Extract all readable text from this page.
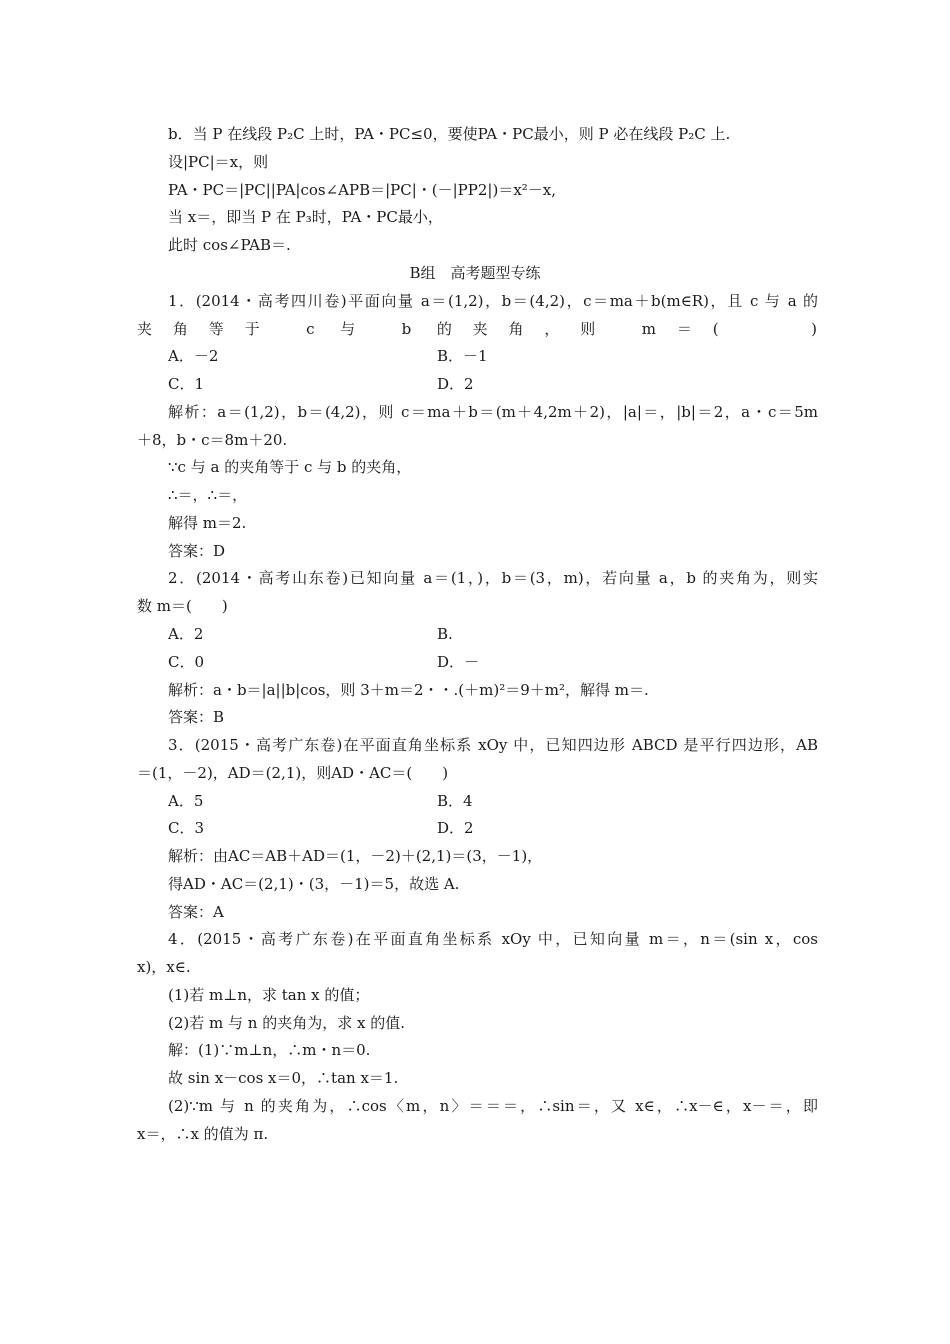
b．当 P 在线段 P₂C 上时，PA・PC≤0，要使PA・PC最小，则 P 必在线段 P₂C 上.
设|PC|＝x，则
PA・PC＝|PC||PA|cos∠APB＝|PC|・(－|PP2|)＝x²－x,
当 x＝，即当 P 在 P₃时，PA・PC最小，
此时 cos∠PAB＝.
B组　高考题型专练
1．(2014・高考四川卷)平面向量 a＝(1,2)，b＝(4,2)，c＝ma＋b(m∈R)，且 c 与 a 的
夹角等于 c 与 b 的夹角，则 m＝(　　)
A．－2	B．－1
C．1	D．2
解析：a＝(1,2)，b＝(4,2)，则 c＝ma＋b＝(m＋4,2m＋2)，|a|＝，|b|＝2，a・c＝5m
＋8，b・c＝8m＋20.
∵c 与 a 的夹角等于 c 与 b 的夹角，
∴＝，∴＝，
解得 m＝2.
答案：D
2．(2014・高考山东卷)已知向量 a＝(1，)，b＝(3，m)，若向量 a，b 的夹角为，则实
数 m＝(　　)
A．2	B.
C．0	D．－
解析：a・b＝|a||b|cos，则 3＋m＝2・・.(＋m)²＝9＋m²，解得 m＝.
答案：B
3．(2015・高考广东卷)在平面直角坐标系 xOy 中，已知四边形 ABCD 是平行四边形，AB
＝(1，－2)，AD＝(2,1)，则AD・AC＝(　　)
A．5	B．4
C．3	D．2
解析：由AC＝AB＋AD＝(1，－2)＋(2,1)＝(3，－1)，
得AD・AC＝(2,1)・(3，－1)＝5，故选 A.
答案：A
4．(2015・高考广东卷)在平面直角坐标系 xOy 中，已知向量 m＝，n＝(sin x，cos
x)，x∈.
(1)若 m⊥n，求 tan x 的值；
(2)若 m 与 n 的夹角为，求 x 的值.
解：(1)∵m⊥n，∴m・n＝0.
故 sin x－cos x＝0，∴tan x＝1.
(2)∵m 与 n 的夹角为，∴cos〈m，n〉＝＝＝，∴sin＝，又 x∈，∴x－∈，x－＝，即
x＝，∴x 的值为 π.
